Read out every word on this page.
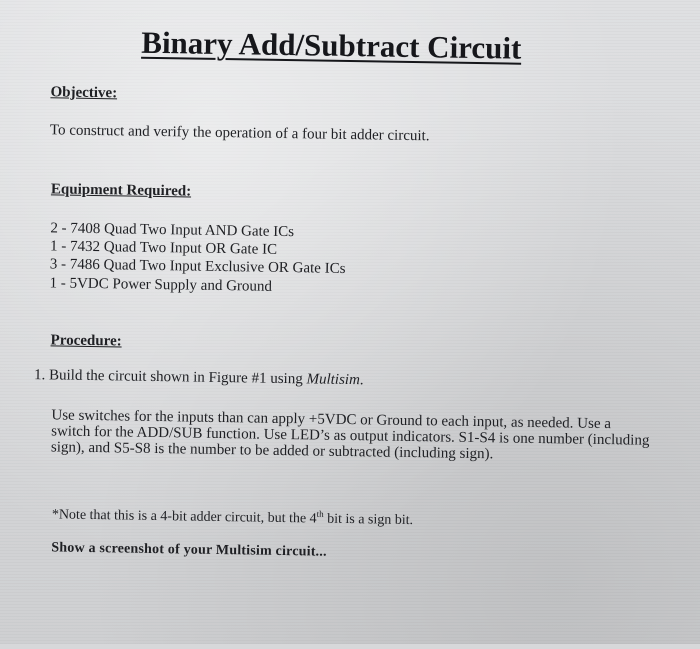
Binary Add/Subtract Circuit
Objective:
To construct and verify the operation of a four bit adder circuit.
Equipment Required:
2 - 7408 Quad Two Input AND Gate ICs
1 - 7432 Quad Two Input OR Gate IC
3 - 7486 Quad Two Input Exclusive OR Gate ICs
1 - 5VDC Power Supply and Ground
Procedure:
1. Build the circuit shown in Figure #1 using Multisim.
Use switches for the inputs than can apply +5VDC or Ground to each input, as needed. Use a switch for the ADD/SUB function. Use LED’s as output indicators. S1-S4 is one number (including sign), and S5-S8 is the number to be added or subtracted (including sign).
*Note that this is a 4-bit adder circuit, but the 4th bit is a sign bit.
Show a screenshot of your Multisim circuit...
